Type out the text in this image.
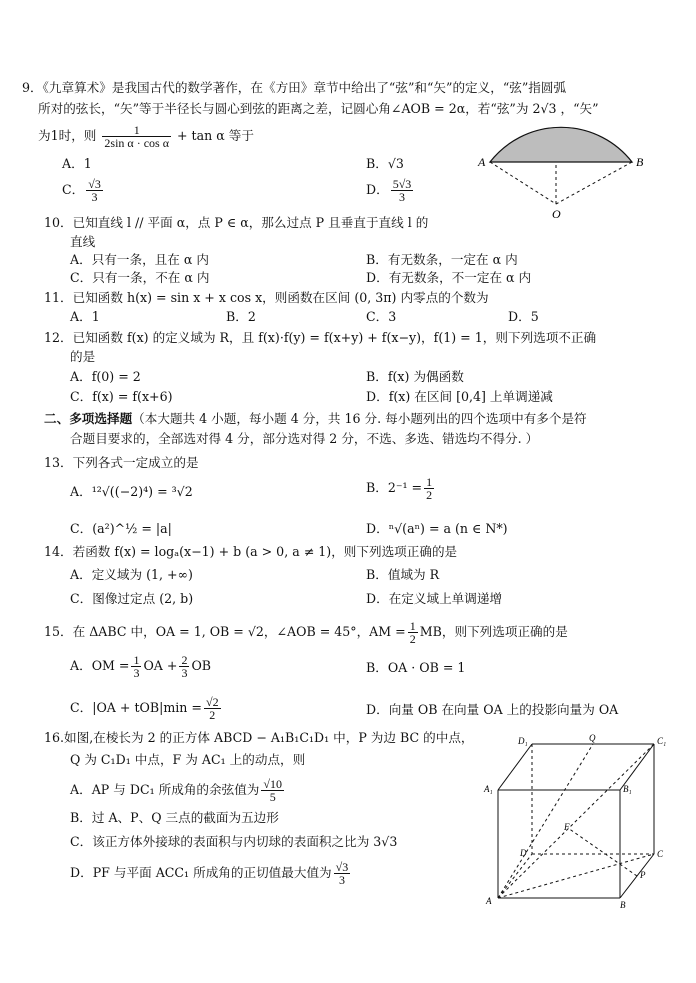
9．《九章算术》是我国古代的数学著作，在《方田》章节中给出了“弦”和“矢”的定义，“弦”指圆弧
所对的弦长，“矢”等于半径长与圆心到弦的距离之差，记圆心角∠AOB = 2α，若“弦”为 2√3 ，“矢”
为1时，则 $\frac{1}{\text{2sin α · cos α}} + \tan \alpha$ 等于
A．1	B．√3
C． $\frac{√3}{3}$	D． $\frac{5√3}{3}$
A	B
O
10．已知直线 l // 平面 α，点 P ∈ α，那么过点 P 且垂直于直线 l 的
直线
A．只有一条，且在 α 内	B．有无数条，一定在 α 内
C．只有一条，不在 α 内	D．有无数条，不一定在 α 内
11．已知函数 h(x) = sin x + x cos x，则函数在区间 (0, 3π) 内零点的个数为
A．1	B．2	C．3	D．5
12．已知函数 f(x) 的定义域为 R，且 f(x)·f(y) = f(x+y) + f(x−y)，f(1) = 1，则下列选项不正确
的是
A．f(0) = 2	B．f(x) 为偶函数
C．f(x) = f(x+6)	D．f(x) 在区间 [0,4] 上单调递减
二、多项选择题（本大题共 4 小题，每小题 4 分，共 16 分. 每小题列出的四个选项中有多个是符
合题目要求的，全部选对得 4 分，部分选对得 2 分，不选、多选、错选均不得分. ）
13．下列各式一定成立的是
A．¹²√((−2)⁴) = ³√2	B．$2^{-1} = \frac{1}{2}$
C．(a²)^½ = |a|	D．ⁿ√(aⁿ) = a (n ∈ N*)
14．若函数 f(x) = logₐ(x−1) + b (a > 0, a ≠ 1)，则下列选项正确的是
A．定义域为 (1, +∞)	B．值域为 R
C．图像过定点 (2, b)	D．在定义域上单调递增
15．在 ΔABC 中，OA = 1, OB = √2，∠AOB = 45°，AM = $\frac{1}{2}$ MB，则下列选项正确的是
A．OM = $\frac{1}{3}$ OA + $\frac{2}{3}$ OB	B．OA · OB = 1
C．$|OA + tOB|\min = \frac{√2}{2}$	D．向量 OB 在向量 OA 上的投影向量为 OA
16.如图,在棱长为 2 的正方体 ABCD − A₁B₁C₁D₁ 中，P 为边 BC 的中点，
Q 为 C₁D₁ 中点，F 为 AC₁ 上的动点，则
A．AP 与 DC₁ 所成角的余弦值为 $\frac{√10}{5}$
B．过 A、P、Q 三点的截面为五边形
C．该正方体外接球的表面积与内切球的表面积之比为 3√3
D．PF 与平面 ACC₁ 所成角的正切值最大值为 $\frac{√3}{3}$
D₁	Q	C₁
A₁	B₁
F
D	C
P
A	B
